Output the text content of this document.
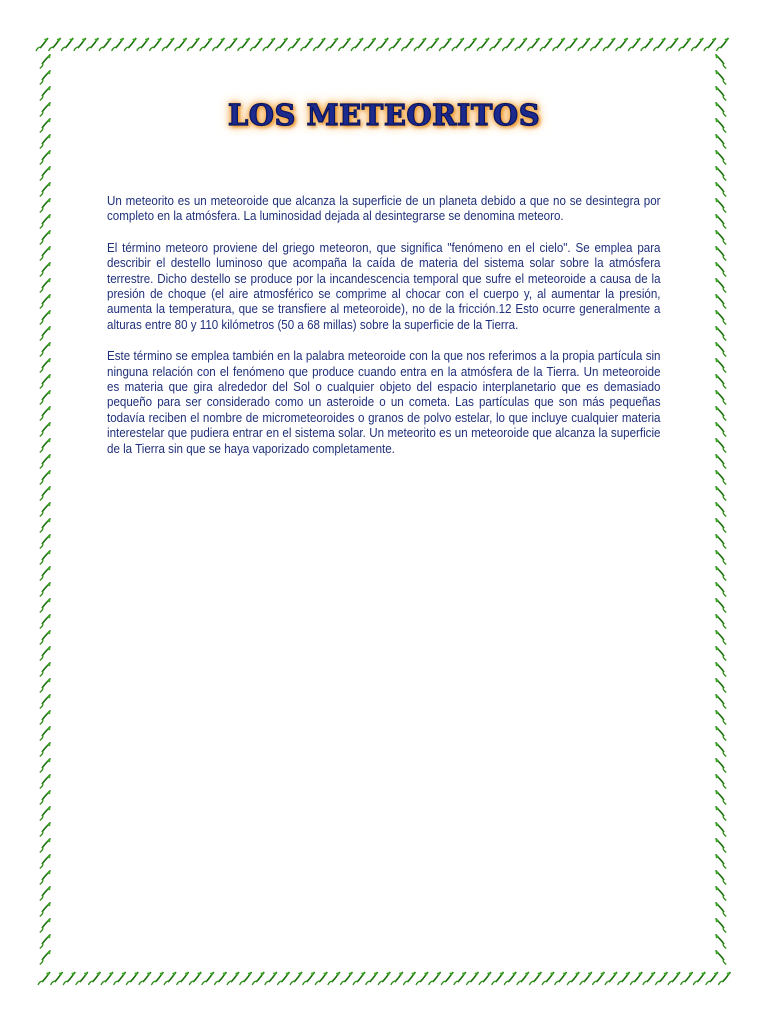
LOS METEORITOS

Un meteorito es un meteoroide que alcanza la superficie de un planeta debido a que no se desintegra por completo en la atmósfera. La luminosidad dejada al desintegrarse se denomina meteoro.

El término meteoro proviene del griego meteoron, que significa "fenómeno en el cielo". Se emplea para describir el destello luminoso que acompaña la caída de materia del sistema solar sobre la atmósfera terrestre. Dicho destello se produce por la incandescencia temporal que sufre el meteoroide a causa de la presión de choque (el aire atmosférico se comprime al chocar con el cuerpo y, al aumentar la presión, aumenta la temperatura, que se transfiere al meteoroide), no de la fricción.12 Esto ocurre generalmente a alturas entre 80 y 110 kilómetros (50 a 68 millas) sobre la superficie de la Tierra.

Este término se emplea también en la palabra meteoroide con la que nos referimos a la propia partícula sin ninguna relación con el fenómeno que produce cuando entra en la atmósfera de la Tierra. Un meteoroide es materia que gira alrededor del Sol o cualquier objeto del espacio interplanetario que es demasiado pequeño para ser considerado como un asteroide o un cometa. Las partículas que son más pequeñas todavía reciben el nombre de micrometeoroides o granos de polvo estelar, lo que incluye cualquier materia interestelar que pudiera entrar en el sistema solar. Un meteorito es un meteoroide que alcanza la superficie de la Tierra sin que se haya vaporizado completamente.
